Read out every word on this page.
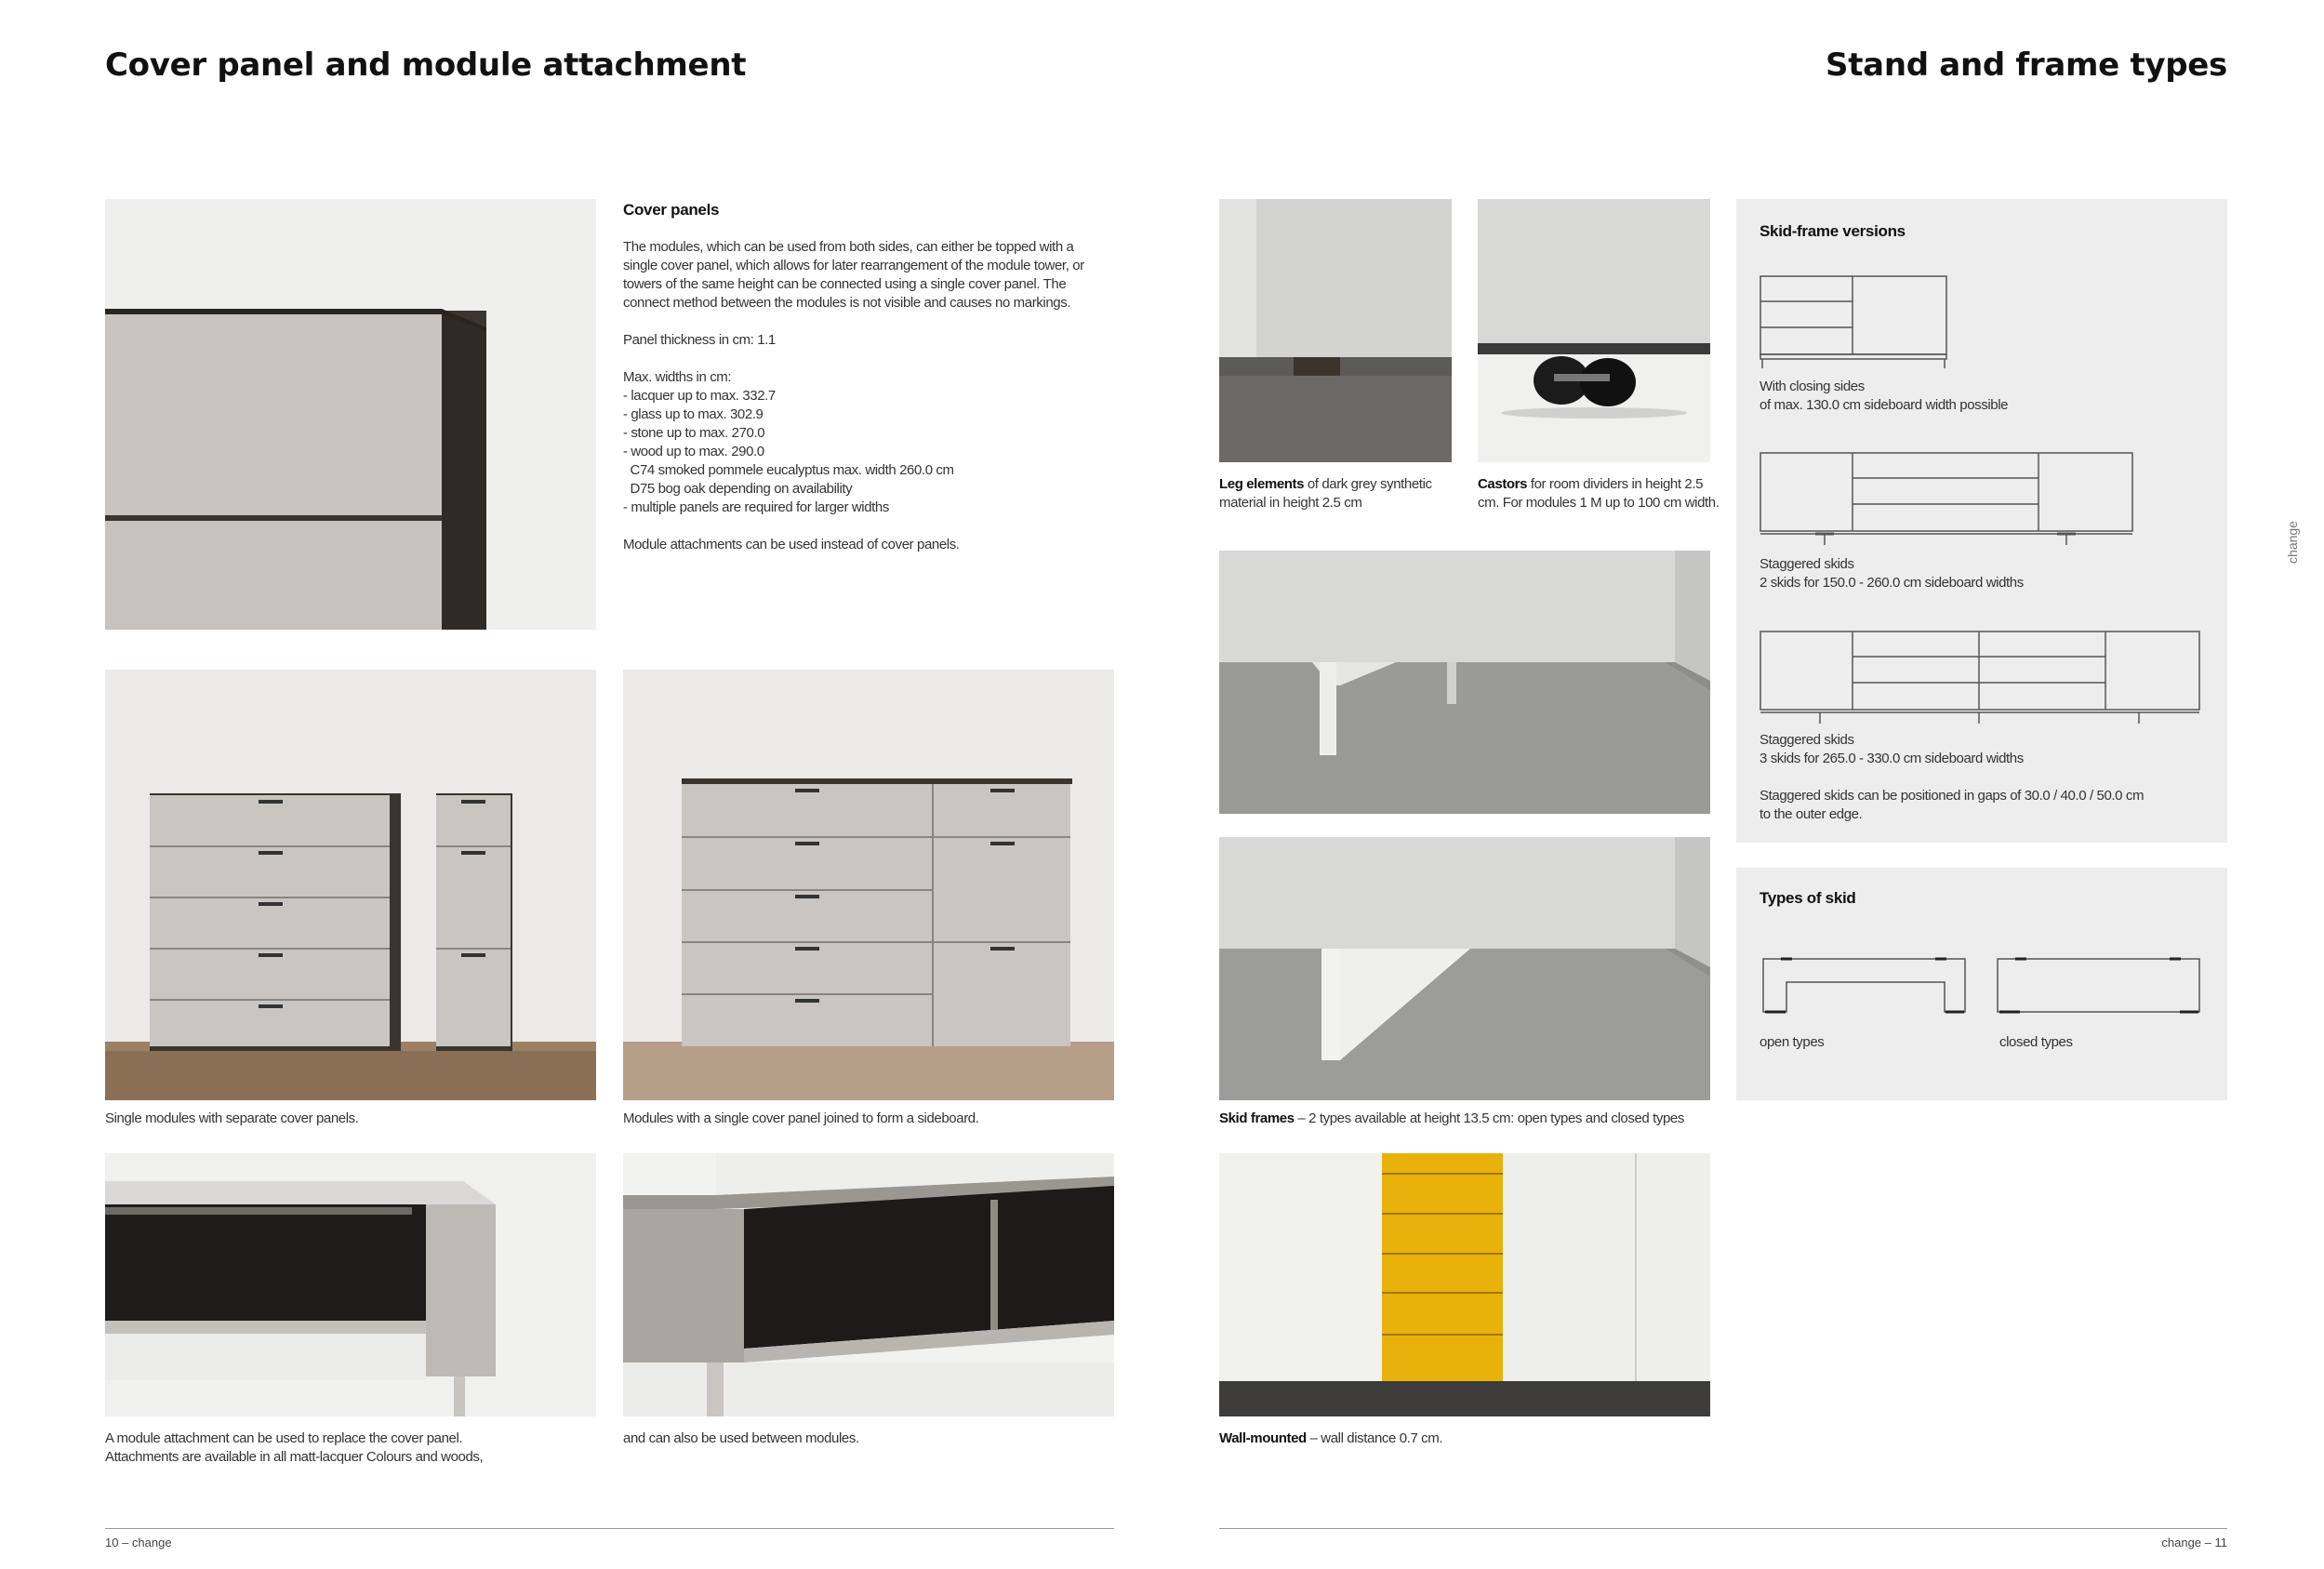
Cover panel and module attachment
Cover panels
The modules, which can be used from both sides, can either be topped with a single cover panel, which allows for later rearrangement of the module tower, or towers of the same height can be connected using a single cover panel. The connect method between the modules is not visible and causes no markings.
Panel thickness in cm: 1.1
Max. widths in cm:
- lacquer up to max. 332.7
- glass up to max. 302.9
- stone up to max. 270.0
- wood up to max. 290.0
C74 smoked pommele eucalyptus max. width 260.0 cm
D75 bog oak depending on availability
- multiple panels are required for larger widths
Module attachments can be used instead of cover panels.
Single modules with separate cover panels.	Modules with a single cover panel joined to form a sideboard.
A module attachment can be used to replace the cover panel.
Attachments are available in all matt-lacquer Colours and woods,
and can also be used between modules.
10 – change
Stand and frame types
Leg elements of dark grey synthetic material in height 2.5 cm
Castors for room dividers in height 2.5 cm. For modules 1 M up to 100 cm width.
Skid frames – 2 types available at height 13.5 cm: open types and closed types
Wall-mounted – wall distance 0.7 cm.
Skid-frame versions
With closing sides
of max. 130.0 cm sideboard width possible
Staggered skids
2 skids for 150.0 - 260.0 cm sideboard widths
Staggered skids
3 skids for 265.0 - 330.0 cm sideboard widths
Staggered skids can be positioned in gaps of 30.0 / 40.0 / 50.0 cm
to the outer edge.
Types of skid
open types	closed types
change
change – 11
